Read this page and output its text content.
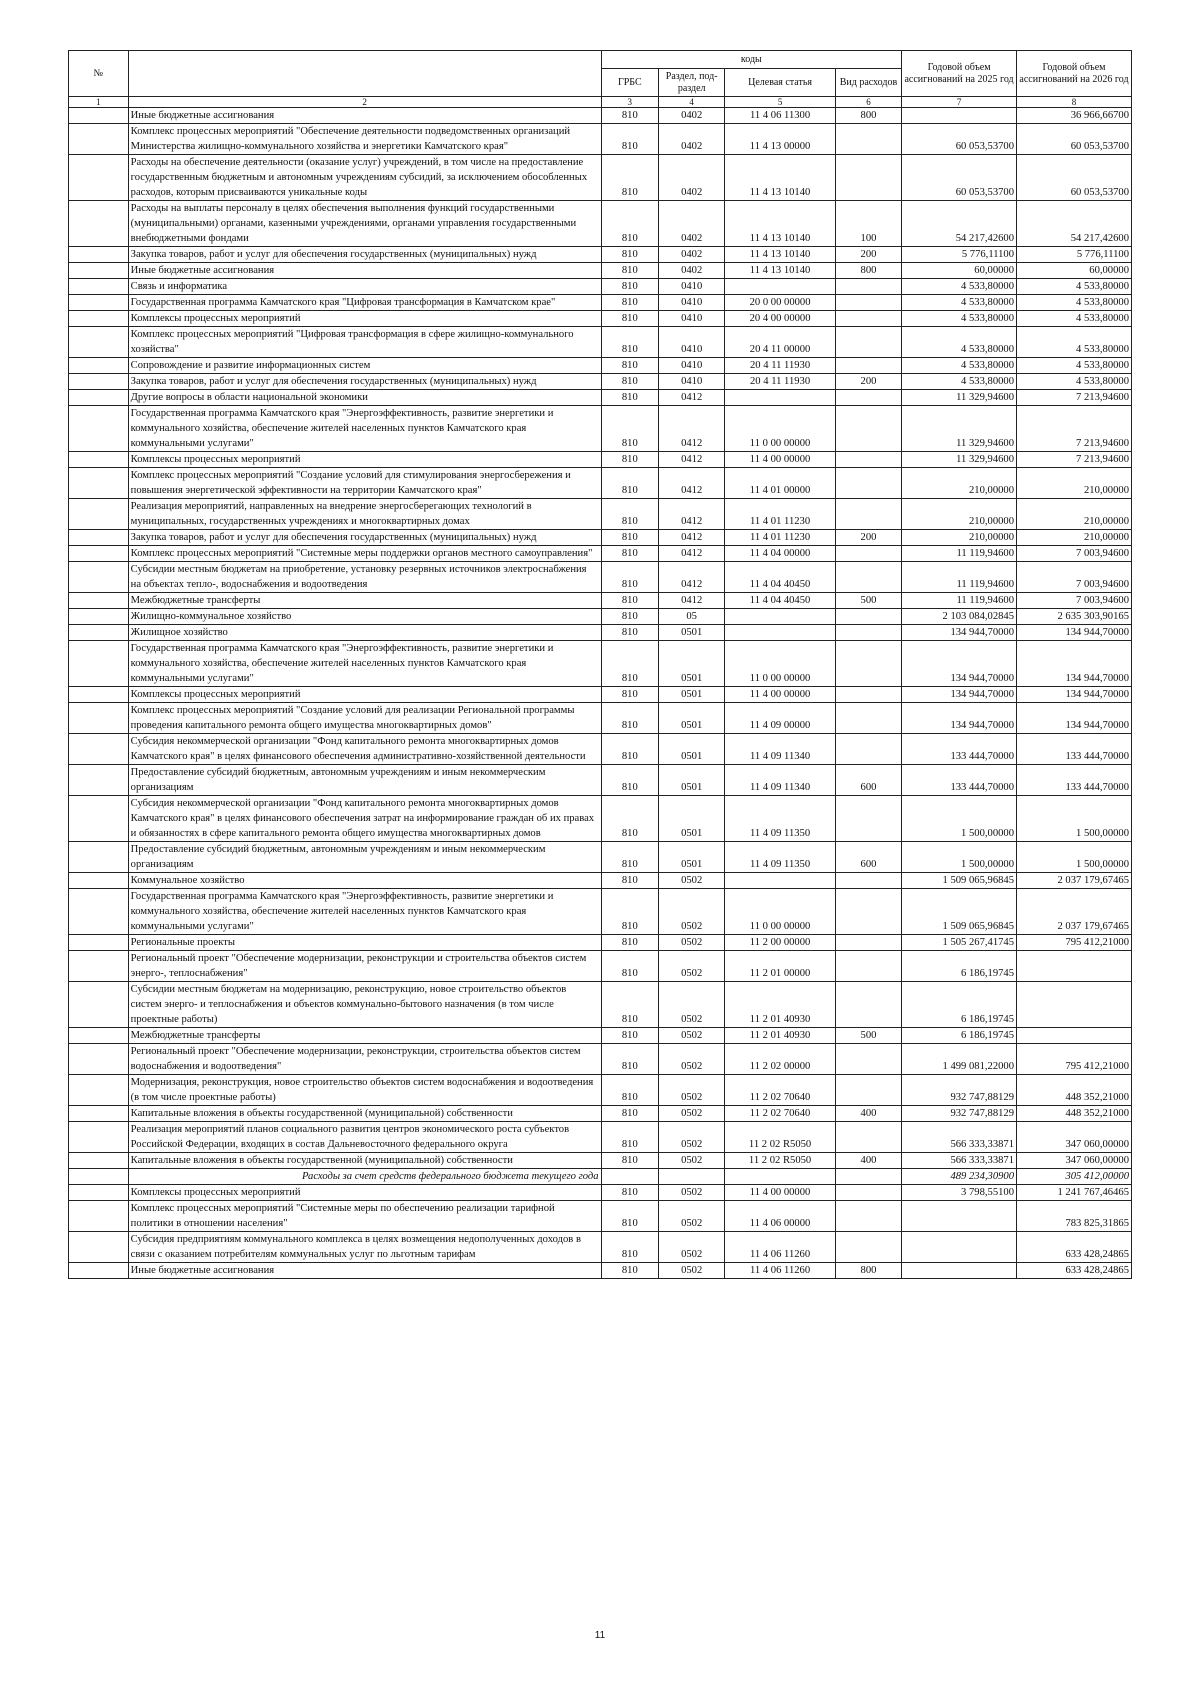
№		коды				Годовой объем ассигнований на 2025 год	Годовой объем ассигнований на 2026 год
		ГРБС	Раздел, под-раздел	Целевая статья	Вид расходов		
1	2	3	4	5	6	7	8
	Иные бюджетные ассигнования	810	0402	11 4 06 11300	800		36 966,66700
	Комплекс процессных мероприятий "Обеспечение деятельности подведомственных организаций Министерства жилищно-коммунального хозяйства и энергетики Камчатского края"	810	0402	11 4 13 00000		60 053,53700	60 053,53700
	Расходы на обеспечение деятельности (оказание услуг) учреждений, в том числе на предоставление государственным бюджетным и автономным учреждениям субсидий, за исключением обособленных расходов, которым присваиваются уникальные коды	810	0402	11 4 13 10140		60 053,53700	60 053,53700
	Расходы на выплаты персоналу в целях обеспечения выполнения функций государственными (муниципальными) органами, казенными учреждениями, органами управления государственными внебюджетными фондами	810	0402	11 4 13 10140	100	54 217,42600	54 217,42600
	Закупка товаров, работ и услуг для обеспечения государственных (муниципальных) нужд	810	0402	11 4 13 10140	200	5 776,11100	5 776,11100
	Иные бюджетные ассигнования	810	0402	11 4 13 10140	800	60,00000	60,00000
	Связь и информатика	810	0410			4 533,80000	4 533,80000
	Государственная программа Камчатского края "Цифровая трансформация в Камчатском крае"	810	0410	20 0 00 00000		4 533,80000	4 533,80000
	Комплексы процессных мероприятий	810	0410	20 4 00 00000		4 533,80000	4 533,80000
	Комплекс процессных мероприятий "Цифровая трансформация в сфере жилищно-коммунального хозяйства"	810	0410	20 4 11 00000		4 533,80000	4 533,80000
	Сопровождение и развитие информационных систем	810	0410	20 4 11 11930		4 533,80000	4 533,80000
	Закупка товаров, работ и услуг для обеспечения государственных (муниципальных) нужд	810	0410	20 4 11 11930	200	4 533,80000	4 533,80000
	Другие вопросы в области национальной экономики	810	0412			11 329,94600	7 213,94600
	Государственная программа Камчатского края "Энергоэффективность, развитие энергетики и коммунального хозяйства, обеспечение жителей населенных пунктов Камчатского края коммунальными услугами"	810	0412	11 0 00 00000		11 329,94600	7 213,94600
	Комплексы процессных мероприятий	810	0412	11 4 00 00000		11 329,94600	7 213,94600
	Комплекс процессных мероприятий "Создание условий для стимулирования энергосбережения и повышения энергетической эффективности на территории Камчатского края"	810	0412	11 4 01 00000		210,00000	210,00000
	Реализация мероприятий, направленных на внедрение энергосберегающих технологий в муниципальных, государственных учреждениях и многоквартирных домах	810	0412	11 4 01 11230		210,00000	210,00000
	Закупка товаров, работ и услуг для обеспечения государственных (муниципальных) нужд	810	0412	11 4 01 11230	200	210,00000	210,00000
	Комплекс процессных мероприятий "Системные меры поддержки органов местного самоуправления"	810	0412	11 4 04 00000		11 119,94600	7 003,94600
	Субсидии местным бюджетам на приобретение, установку резервных источников электроснабжения на объектах тепло-, водоснабжения и водоотведения	810	0412	11 4 04 40450		11 119,94600	7 003,94600
	Межбюджетные трансферты	810	0412	11 4 04 40450	500	11 119,94600	7 003,94600
	Жилищно-коммунальное хозяйство	810	05			2 103 084,02845	2 635 303,90165
	Жилищное хозяйство	810	0501			134 944,70000	134 944,70000
	Государственная программа Камчатского края "Энергоэффективность, развитие энергетики и коммунального хозяйства, обеспечение жителей населенных пунктов Камчатского края коммунальными услугами"	810	0501	11 0 00 00000		134 944,70000	134 944,70000
	Комплексы процессных мероприятий	810	0501	11 4 00 00000		134 944,70000	134 944,70000
	Комплекс процессных мероприятий "Создание условий для реализации Региональной программы проведения капитального ремонта общего имущества многоквартирных домов"	810	0501	11 4 09 00000		134 944,70000	134 944,70000
	Субсидия некоммерческой организации "Фонд капитального ремонта многоквартирных домов Камчатского края" в целях финансового обеспечения административно-хозяйственной деятельности	810	0501	11 4 09 11340		133 444,70000	133 444,70000
	Предоставление субсидий бюджетным, автономным учреждениям и иным некоммерческим организациям	810	0501	11 4 09 11340	600	133 444,70000	133 444,70000
	Субсидия некоммерческой организации "Фонд капитального ремонта многоквартирных домов Камчатского края" в целях финансового обеспечения затрат на информирование граждан об их правах и обязанностях в сфере капитального ремонта общего имущества многоквартирных домов	810	0501	11 4 09 11350		1 500,00000	1 500,00000
	Предоставление субсидий бюджетным, автономным учреждениям и иным некоммерческим организациям	810	0501	11 4 09 11350	600	1 500,00000	1 500,00000
	Коммунальное хозяйство	810	0502			1 509 065,96845	2 037 179,67465
	Государственная программа Камчатского края "Энергоэффективность, развитие энергетики и коммунального хозяйства, обеспечение жителей населенных пунктов Камчатского края коммунальными услугами"	810	0502	11 0 00 00000		1 509 065,96845	2 037 179,67465
	Региональные проекты	810	0502	11 2 00 00000		1 505 267,41745	795 412,21000
	Региональный проект "Обеспечение модернизации, реконструкции и строительства объектов систем энерго-, теплоснабжения"	810	0502	11 2 01 00000		6 186,19745	
	Субсидии местным бюджетам на модернизацию, реконструкцию, новое строительство объектов систем энерго- и теплоснабжения и объектов коммунально-бытового назначения (в том числе проектные работы)	810	0502	11 2 01 40930		6 186,19745	
	Межбюджетные трансферты	810	0502	11 2 01 40930	500	6 186,19745	
	Региональный проект "Обеспечение модернизации, реконструкции, строительства объектов систем водоснабжения и водоотведения"	810	0502	11 2 02 00000		1 499 081,22000	795 412,21000
	Модернизация, реконструкция, новое строительство объектов систем водоснабжения и водоотведения (в том числе проектные работы)	810	0502	11 2 02 70640		932 747,88129	448 352,21000
	Капитальные вложения в объекты государственной (муниципальной) собственности	810	0502	11 2 02 70640	400	932 747,88129	448 352,21000
	Реализация мероприятий планов социального развития центров экономического роста субъектов Российской Федерации, входящих в состав Дальневосточного федерального округа	810	0502	11 2 02 R5050		566 333,33871	347 060,00000
	Капитальные вложения в объекты государственной (муниципальной) собственности	810	0502	11 2 02 R5050	400	566 333,33871	347 060,00000
	Расходы за счет средств федерального бюджета текущего года					489 234,30900	305 412,00000
	Комплексы процессных мероприятий	810	0502	11 4 00 00000		3 798,55100	1 241 767,46465
	Комплекс процессных мероприятий "Системные меры по обеспечению реализации тарифной политики в отношении населения"	810	0502	11 4 06 00000			783 825,31865
	Субсидия предприятиям коммунального комплекса в целях возмещения недополученных доходов в связи с оказанием потребителям коммунальных услуг по льготным тарифам	810	0502	11 4 06 11260			633 428,24865
	Иные бюджетные ассигнования	810	0502	11 4 06 11260	800		633 428,24865
11
